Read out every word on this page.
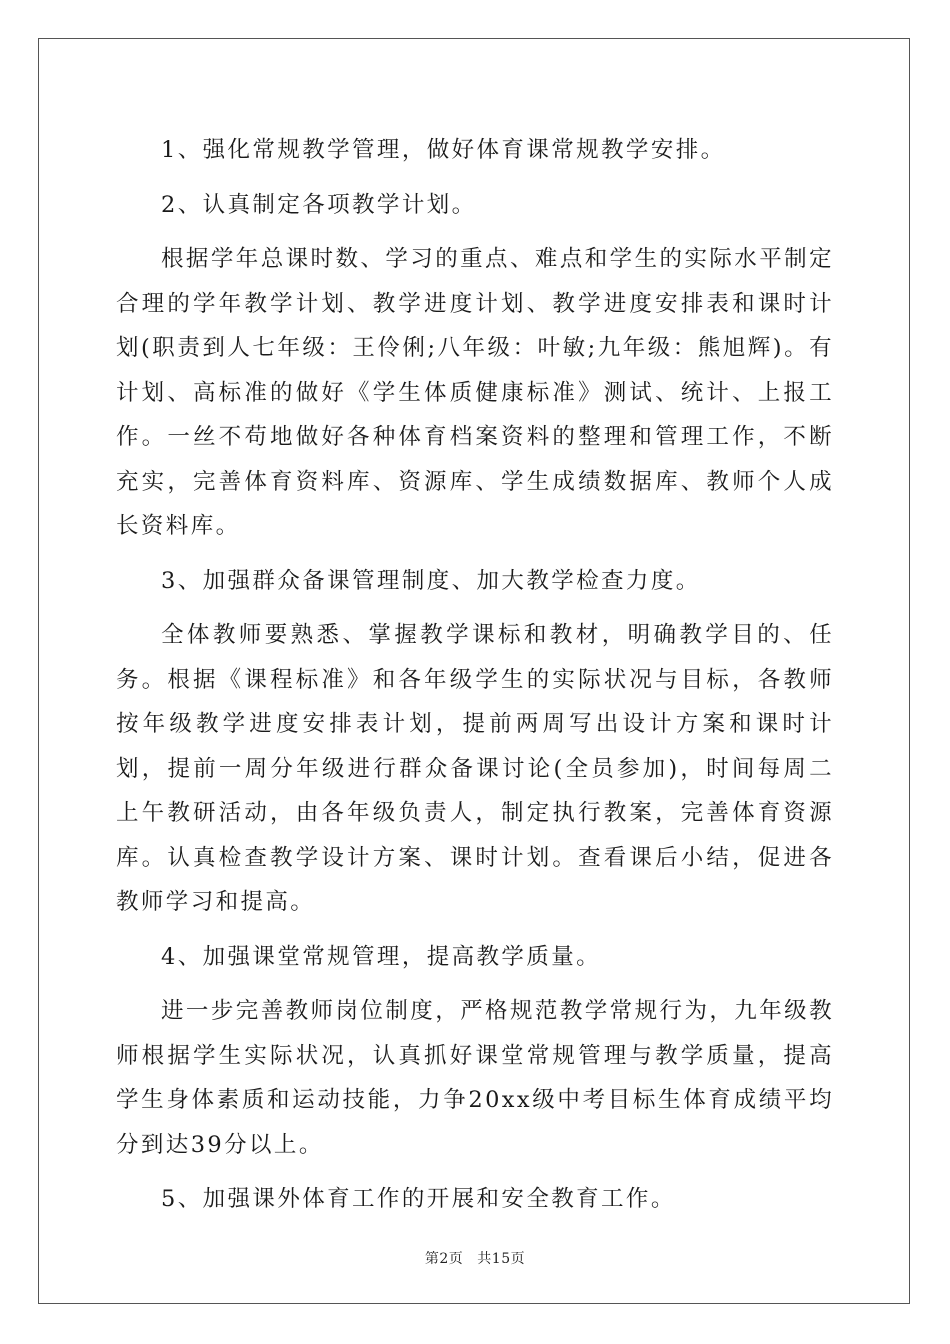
1、强化常规教学管理，做好体育课常规教学安排。

2、认真制定各项教学计划。

根据学年总课时数、学习的重点、难点和学生的实际水平制定合理的学年教学计划、教学进度计划、教学进度安排表和课时计划(职责到人七年级：王伶俐;八年级：叶敏;九年级：熊旭辉)。有计划、高标准的做好《学生体质健康标准》测试、统计、上报工作。一丝不苟地做好各种体育档案资料的整理和管理工作，不断充实，完善体育资料库、资源库、学生成绩数据库、教师个人成长资料库。

3、加强群众备课管理制度、加大教学检查力度。

全体教师要熟悉、掌握教学课标和教材，明确教学目的、任务。根据《课程标准》和各年级学生的实际状况与目标，各教师按年级教学进度安排表计划，提前两周写出设计方案和课时计划，提前一周分年级进行群众备课讨论(全员参加)，时间每周二上午教研活动，由各年级负责人，制定执行教案，完善体育资源库。认真检查教学设计方案、课时计划。查看课后小结，促进各教师学习和提高。

4、加强课堂常规管理，提高教学质量。

进一步完善教师岗位制度，严格规范教学常规行为，九年级教师根据学生实际状况，认真抓好课堂常规管理与教学质量，提高学生身体素质和运动技能，力争20xx级中考目标生体育成绩平均分到达39分以上。

5、加强课外体育工作的开展和安全教育工作。

第2页 共15页
